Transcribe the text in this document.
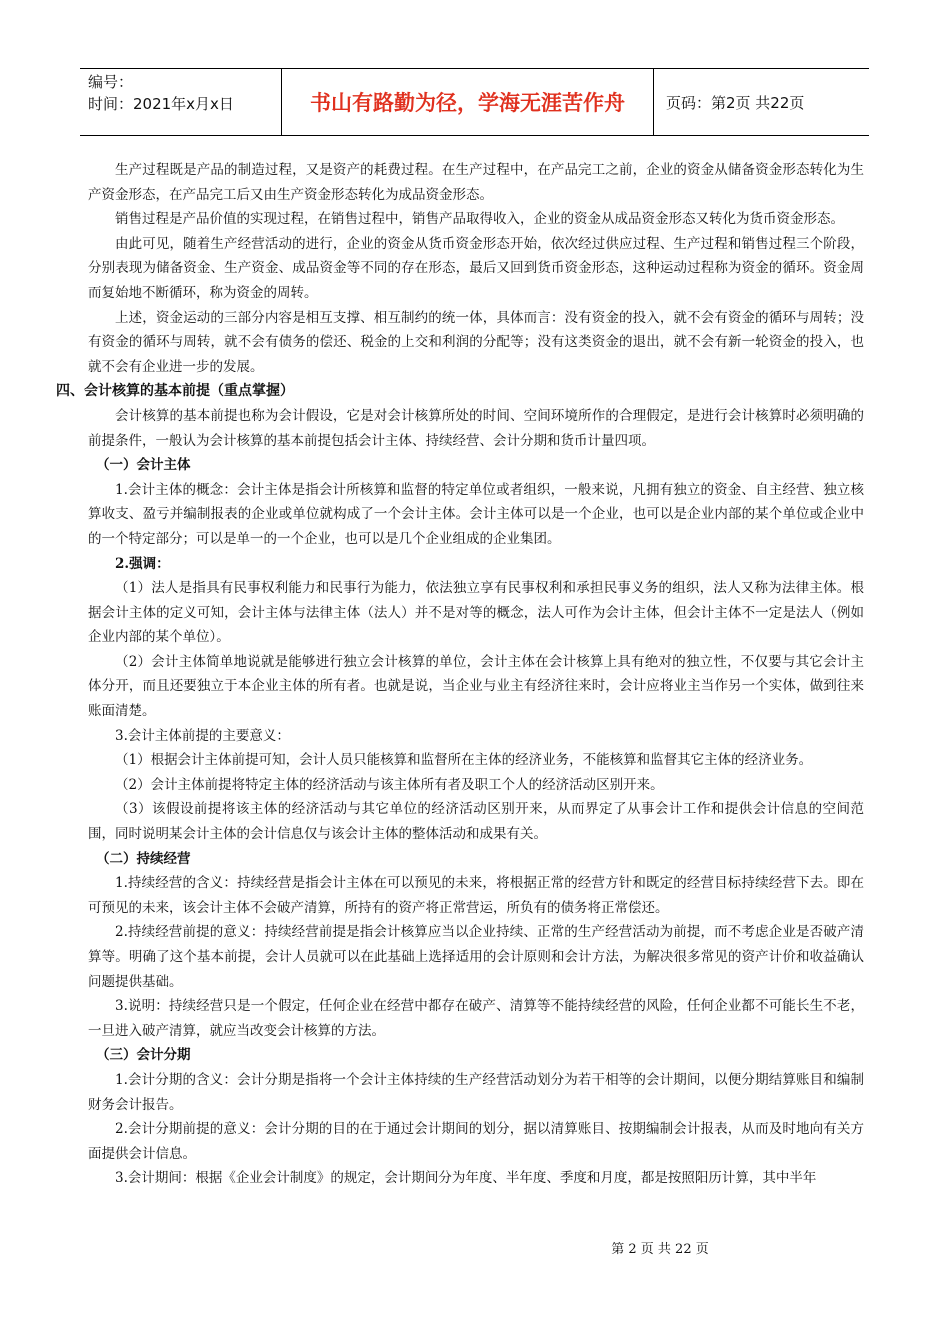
编号：
时间：2021年x月x日	书山有路勤为径，学海无涯苦作舟	页码：第2页 共22页

生产过程既是产品的制造过程，又是资产的耗费过程。在生产过程中，在产品完工之前，企业的资金从储备资金形态转化为生产资金形态，在产品完工后又由生产资金形态转化为成品资金形态。

销售过程是产品价值的实现过程，在销售过程中，销售产品取得收入，企业的资金从成品资金形态又转化为货币资金形态。

由此可见，随着生产经营活动的进行，企业的资金从货币资金形态开始，依次经过供应过程、生产过程和销售过程三个阶段，分别表现为储备资金、生产资金、成品资金等不同的存在形态，最后又回到货币资金形态，这种运动过程称为资金的循环。资金周而复始地不断循环，称为资金的周转。

上述，资金运动的三部分内容是相互支撑、相互制约的统一体，具体而言：没有资金的投入，就不会有资金的循环与周转；没有资金的循环与周转，就不会有债务的偿还、税金的上交和利润的分配等；没有这类资金的退出，就不会有新一轮资金的投入，也就不会有企业进一步的发展。

四、会计核算的基本前提（重点掌握）

会计核算的基本前提也称为会计假设，它是对会计核算所处的时间、空间环境所作的合理假定，是进行会计核算时必须明确的前提条件，一般认为会计核算的基本前提包括会计主体、持续经营、会计分期和货币计量四项。

（一）会计主体

1.会计主体的概念：会计主体是指会计所核算和监督的特定单位或者组织，一般来说，凡拥有独立的资金、自主经营、独立核算收支、盈亏并编制报表的企业或单位就构成了一个会计主体。会计主体可以是一个企业，也可以是企业内部的某个单位或企业中的一个特定部分；可以是单一的一个企业，也可以是几个企业组成的企业集团。

2.强调：

（1）法人是指具有民事权利能力和民事行为能力，依法独立享有民事权利和承担民事义务的组织，法人又称为法律主体。根据会计主体的定义可知，会计主体与法律主体（法人）并不是对等的概念，法人可作为会计主体，但会计主体不一定是法人（例如企业内部的某个单位）。

（2）会计主体简单地说就是能够进行独立会计核算的单位，会计主体在会计核算上具有绝对的独立性，不仅要与其它会计主体分开，而且还要独立于本企业主体的所有者。也就是说，当企业与业主有经济往来时，会计应将业主当作另一个实体，做到往来账面清楚。

3.会计主体前提的主要意义：

（1）根据会计主体前提可知，会计人员只能核算和监督所在主体的经济业务，不能核算和监督其它主体的经济业务。

（2）会计主体前提将特定主体的经济活动与该主体所有者及职工个人的经济活动区别开来。

（3）该假设前提将该主体的经济活动与其它单位的经济活动区别开来，从而界定了从事会计工作和提供会计信息的空间范围，同时说明某会计主体的会计信息仅与该会计主体的整体活动和成果有关。

（二）持续经营

1.持续经营的含义：持续经营是指会计主体在可以预见的未来，将根据正常的经营方针和既定的经营目标持续经营下去。即在可预见的未来，该会计主体不会破产清算，所持有的资产将正常营运，所负有的债务将正常偿还。

2.持续经营前提的意义：持续经营前提是指会计核算应当以企业持续、正常的生产经营活动为前提，而不考虑企业是否破产清算等。明确了这个基本前提，会计人员就可以在此基础上选择适用的会计原则和会计方法，为解决很多常见的资产计价和收益确认问题提供基础。

3.说明：持续经营只是一个假定，任何企业在经营中都存在破产、清算等不能持续经营的风险，任何企业都不可能长生不老，一旦进入破产清算，就应当改变会计核算的方法。

（三）会计分期

1.会计分期的含义：会计分期是指将一个会计主体持续的生产经营活动划分为若干相等的会计期间，以便分期结算账目和编制财务会计报告。

2.会计分期前提的意义：会计分期的目的在于通过会计期间的划分，据以清算账目、按期编制会计报表，从而及时地向有关方面提供会计信息。

3.会计期间：根据《企业会计制度》的规定，会计期间分为年度、半年度、季度和月度，都是按照阳历计算，其中半年

第 2 页 共 22 页
